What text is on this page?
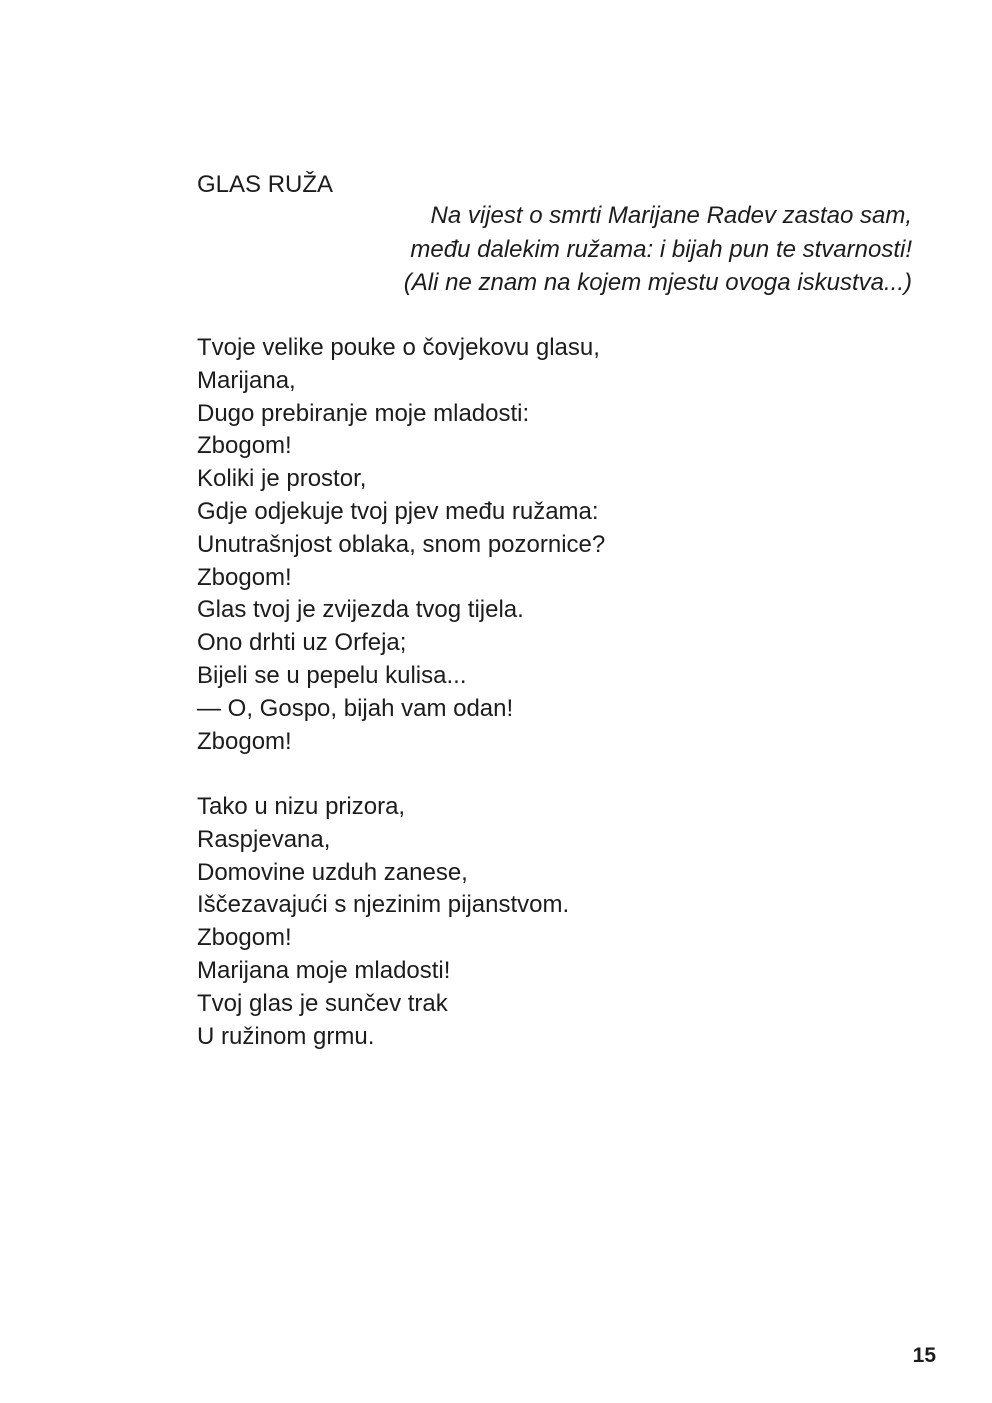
GLAS RUŽA
Na vijest o smrti Marijane Radev zastao sam,
među dalekim ružama: i bijah pun te stvarnosti!
(Ali ne znam na kojem mjestu ovoga iskustva...)
Tvoje velike pouke o čovjekovu glasu,
Marijana,
Dugo prebiranje moje mladosti:
Zbogom!
Koliki je prostor,
Gdje odjekuje tvoj pjev među ružama:
Unutrašnjost oblaka, snom pozornice?
Zbogom!
Glas tvoj je zvijezda tvog tijela.
Ono drhti uz Orfeja;
Bijeli se u pepelu kulisa...
— O, Gospo, bijah vam odan!
Zbogom!
Tako u nizu prizora,
Raspjevana,
Domovine uzduh zanese,
Iščezavajući s njezinim pijanstvom.
Zbogom!
Marijana moje mladosti!
Tvoj glas je sunčev trak
U ružinom grmu.
15
